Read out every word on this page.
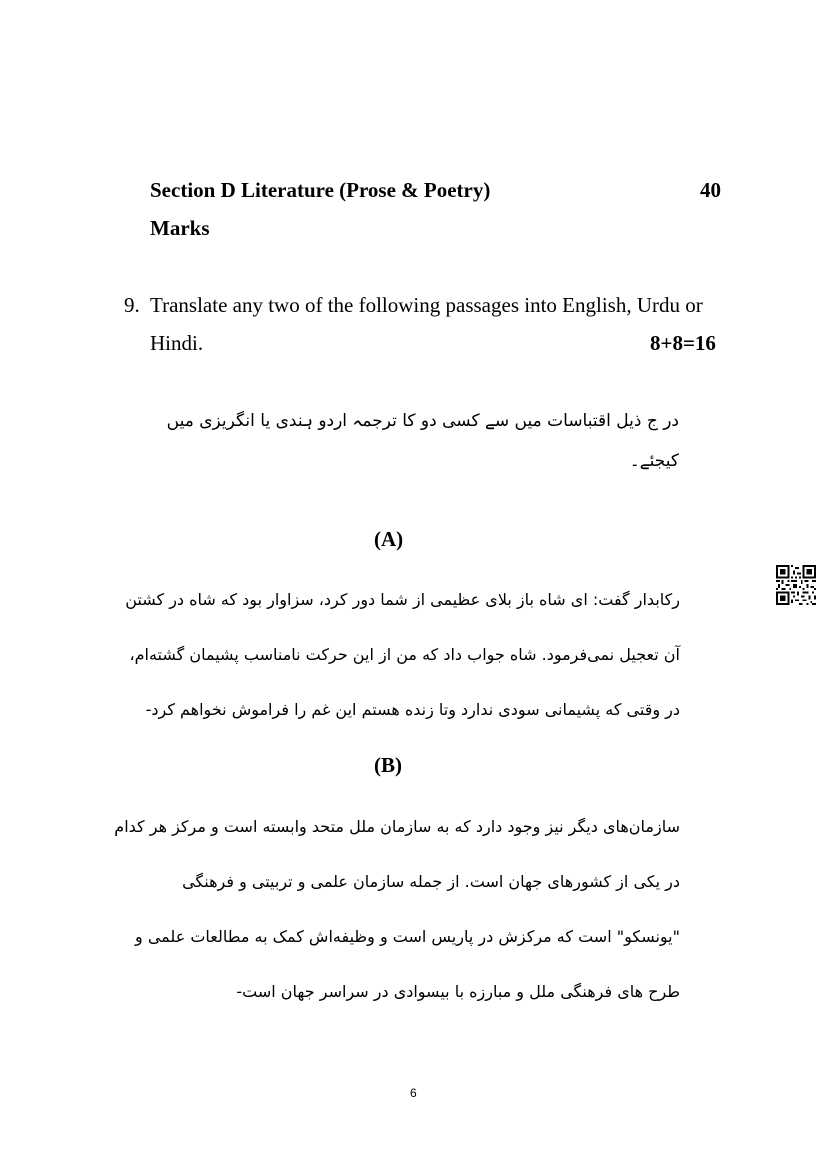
Section D Literature (Prose & Poetry)	40
Marks
9. Translate any two of the following passages into English, Urdu or
Hindi.	8+8=16
در ج ذیل اقتباسات میں سے کسی دو کا ترجمہ اردو ہندی یا انگریزی میں
کیجئے۔
(A)
رکابدار گفت: ای شاه باز بلای عظیمی از شما دور کرد، سزاوار بود که شاه در کشتن
آن تعجیل نمی‌فرمود. شاه جواب داد که من از این حرکت نامناسب پشیمان گشته‌ام،
در وقتی که پشیمانی سودی ندارد وتا زنده هستم این غم را فراموش نخواهم کرد-
(B)
سازمان‌های دیگر نیز وجود دارد که به سازمان ملل متحد وابسته است و مرکز هر کدام
در یکی از کشورهای جهان است. از جمله سازمان علمی و تربیتی و فرهنگی
"یونسکو" است که مرکزش در پاریس است و وظیفه‌اش کمک به مطالعات علمی و
طرح های فرهنگی ملل و مبارزه با بیسوادی در سراسر جهان است-
6
